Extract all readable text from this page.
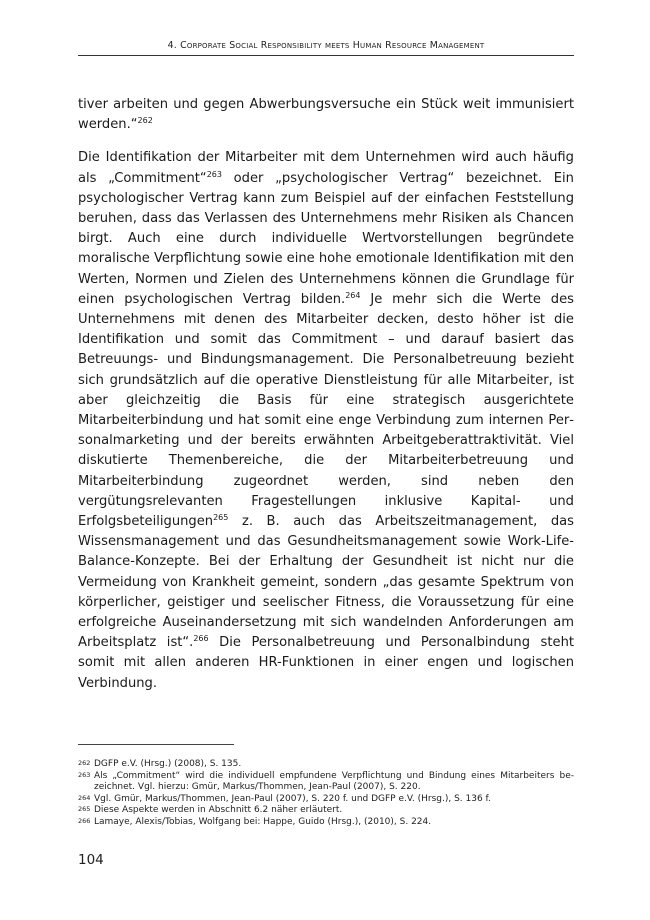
4. Corporate Social Responsibility meets Human Resource Management

tiver arbeiten und gegen Abwerbungsversuche ein Stück weit immunisiert werden.“$^{262}$

Die Identifikation der Mitarbeiter mit dem Unternehmen wird auch häufig als „Commitment“$^{263}$ oder „psychologischer Vertrag“ bezeichnet. Ein psychologischer Vertrag kann zum Beispiel auf der einfachen Feststellung beruhen, dass das Verlassen des Unternehmens mehr Risiken als Chancen birgt. Auch eine durch individuelle Wertvorstellungen begründete moralische Verpflichtung sowie eine hohe emotionale Identifikation mit den Werten, Normen und Zielen des Unternehmens können die Grundlage für einen psychologischen Vertrag bilden.$^{264}$ Je mehr sich die Werte des Unternehmens mit denen des Mitarbeiter decken, desto höher ist die Identifikation und somit das Commitment – und darauf basiert das Betreuungs- und Bindungsmanagement. Die Personalbetreuung bezieht sich grundsätzlich auf die operative Dienstleistung für alle Mitarbeiter, ist aber gleichzeitig die Basis für eine strategisch ausgerichtete Mitarbeiterbindung und hat somit eine enge Verbindung zum internen Personalmarketing und der bereits erwähnten Arbeitgeberattraktivität. Viel diskutierte Themenbereiche, die der Mitarbeiterbetreuung und Mitarbeiterbindung zugeordnet werden, sind neben den vergütungsrelevanten Fragestellungen inklusive Kapital- und Erfolgsbeteiligungen$^{265}$ z. B. auch das Arbeitszeitmanagement, das Wissensmanagement und das Gesundheitsmanagement sowie Work-Life-Balance-Konzepte. Bei der Erhaltung der Gesundheit ist nicht nur die Vermeidung von Krankheit gemeint, sondern „das gesamte Spektrum von körperlicher, geistiger und seelischer Fitness, die Voraussetzung für eine erfolgreiche Auseinandersetzung mit sich wandelnden Anforderungen am Arbeitsplatz ist“.$^{266}$ Die Personalbetreuung und Personalbindung steht somit mit allen anderen HR-Funktionen in einer engen und logischen Verbindung.

262 DGFP e.V. (Hrsg.) (2008), S. 135.
263 Als „Commitment“ wird die individuell empfundene Verpflichtung und Bindung eines Mitarbeiters bezeichnet. Vgl. hierzu: Gmür, Markus/Thommen, Jean-Paul (2007), S. 220.
264 Vgl. Gmür, Markus/Thommen, Jean-Paul (2007), S. 220 f. und DGFP e.V. (Hrsg.), S. 136 f.
265 Diese Aspekte werden in Abschnitt 6.2 näher erläutert.
266 Lamaye, Alexis/Tobias, Wolfgang bei: Happe, Guido (Hrsg.), (2010), S. 224.
104
